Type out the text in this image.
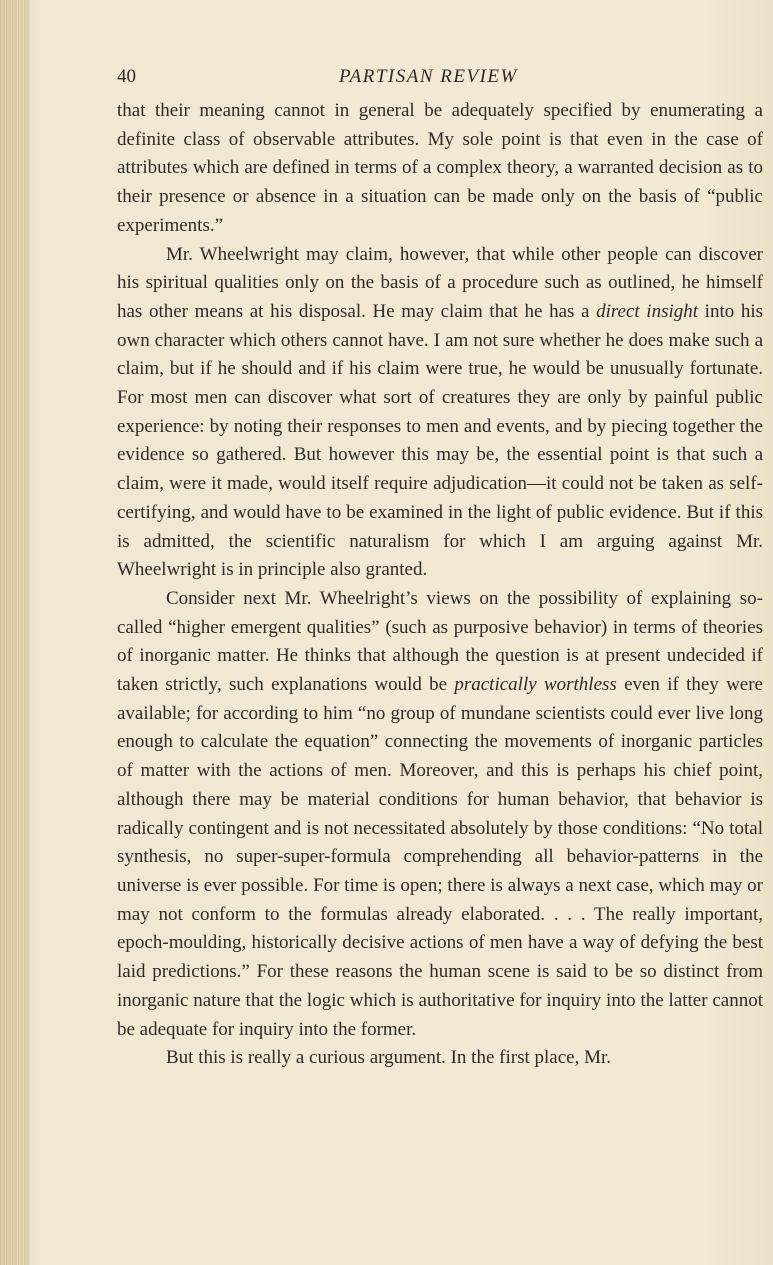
40	PARTISAN REVIEW

that their meaning cannot in general be adequately specified by enumerating a definite class of observable attributes. My sole point is that even in the case of attributes which are defined in terms of a complex theory, a warranted decision as to their presence or absence in a situation can be made only on the basis of “public experiments.”

Mr. Wheelwright may claim, however, that while other people can discover his spiritual qualities only on the basis of a procedure such as outlined, he himself has other means at his disposal. He may claim that he has a direct insight into his own character which others cannot have. I am not sure whether he does make such a claim, but if he should and if his claim were true, he would be unusually fortunate. For most men can discover what sort of creatures they are only by painful public experience: by noting their responses to men and events, and by piecing together the evidence so gathered. But however this may be, the essential point is that such a claim, were it made, would itself require adjudication—it could not be taken as self-certifying, and would have to be examined in the light of public evidence. But if this is admitted, the scientific naturalism for which I am arguing against Mr. Wheelwright is in principle also granted.

Consider next Mr. Wheelright’s views on the possibility of explaining so-called “higher emergent qualities” (such as purposive behavior) in terms of theories of inorganic matter. He thinks that although the question is at present undecided if taken strictly, such explanations would be practically worthless even if they were available; for according to him “no group of mundane scientists could ever live long enough to calculate the equation” connecting the movements of inorganic particles of matter with the actions of men. Moreover, and this is perhaps his chief point, although there may be material conditions for human behavior, that behavior is radically contingent and is not necessitated absolutely by those conditions: “No total synthesis, no super-super-formula comprehending all behavior-patterns in the universe is ever possible. For time is open; there is always a next case, which may or may not conform to the formulas already elaborated. . . . The really important, epoch-moulding, historically decisive actions of men have a way of defying the best laid predictions.” For these reasons the human scene is said to be so distinct from inorganic nature that the logic which is authoritative for inquiry into the latter cannot be adequate for inquiry into the former.

But this is really a curious argument. In the first place, Mr.
